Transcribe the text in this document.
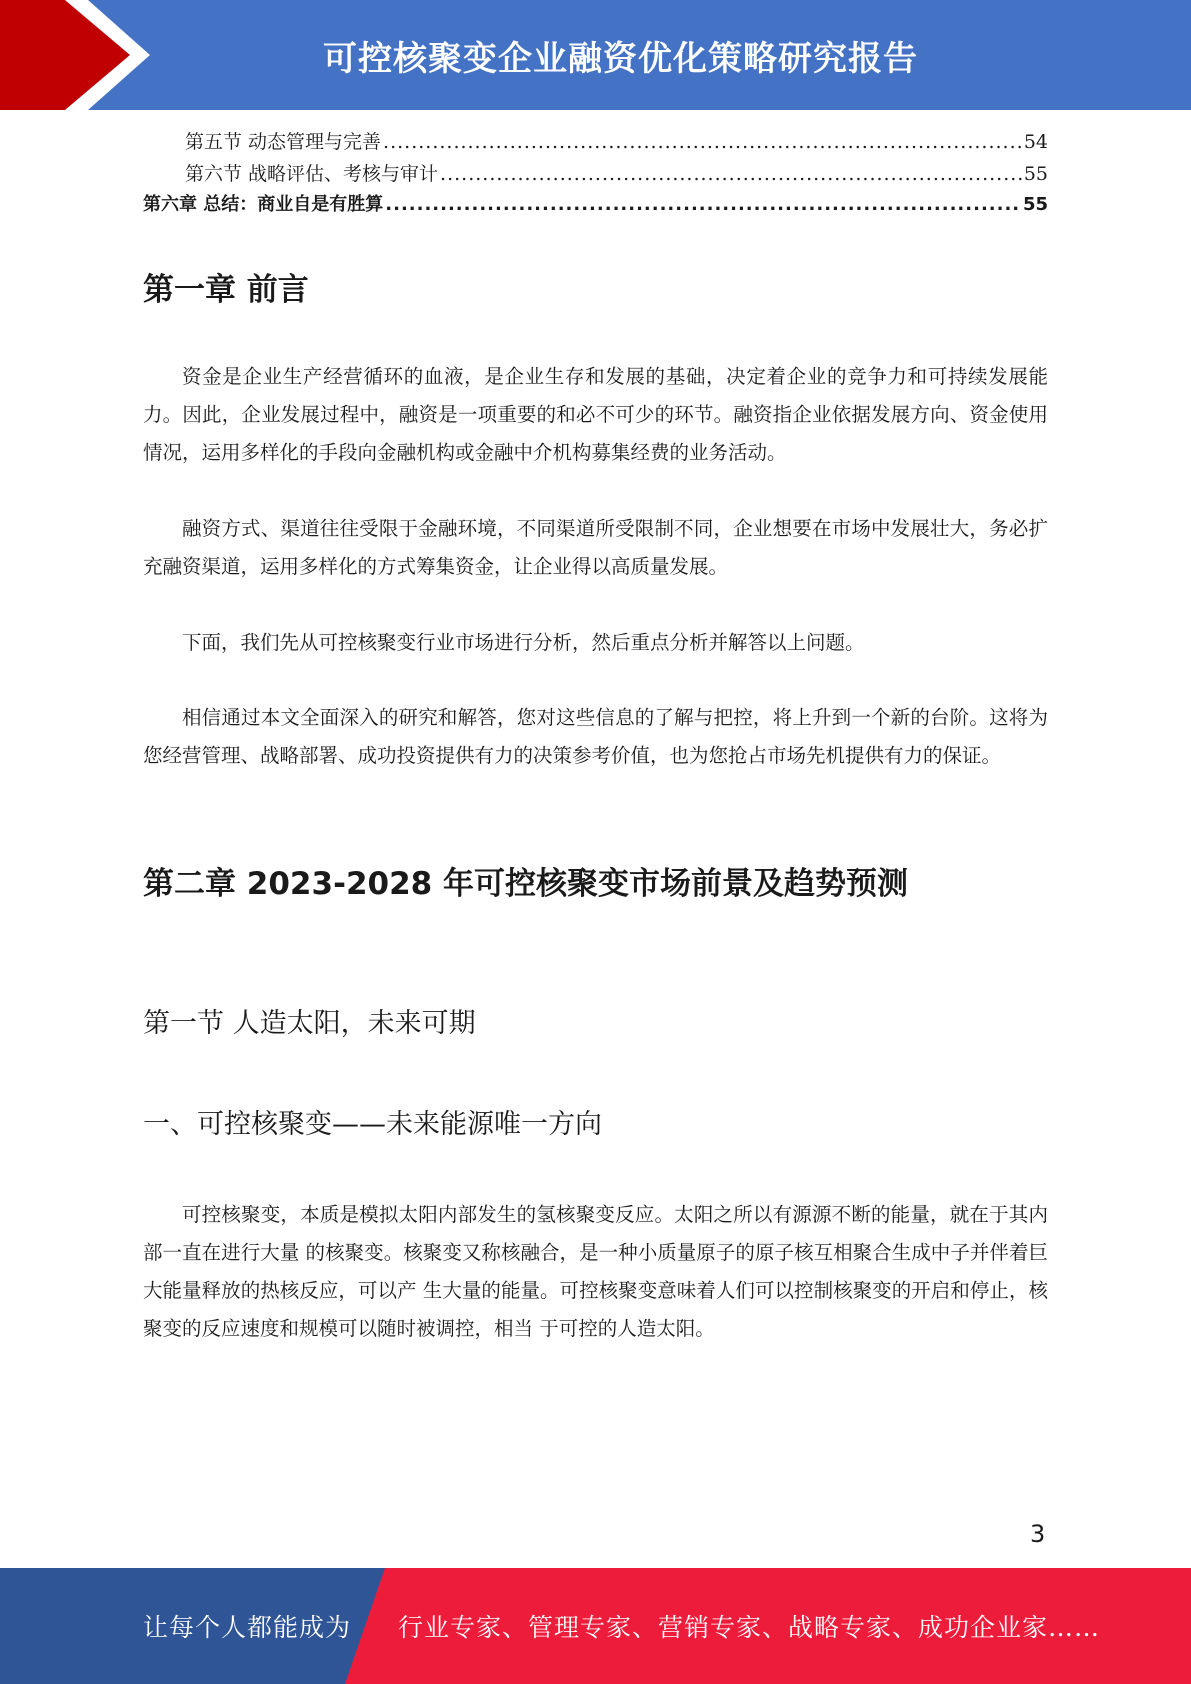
可控核聚变企业融资优化策略研究报告
第五节 动态管理与完善 .....	54
第六节 战略评估、考核与审计 .....	55
第六章 总结：商业自是有胜算 .....	55
第一章 前言

资金是企业生产经营循环的血液，是企业生存和发展的基础，决定着企业的竞争力和可持续发展能力。因此，企业发展过程中，融资是一项重要的和必不可少的环节。融资指企业依据发展方向、资金使用情况，运用多样化的手段向金融机构或金融中介机构募集经费的业务活动。

融资方式、渠道往往受限于金融环境，不同渠道所受限制不同，企业想要在市场中发展壮大，务必扩充融资渠道，运用多样化的方式筹集资金，让企业得以高质量发展。

下面，我们先从可控核聚变行业市场进行分析，然后重点分析并解答以上问题。

相信通过本文全面深入的研究和解答，您对这些信息的了解与把控，将上升到一个新的台阶。这将为您经营管理、战略部署、成功投资提供有力的决策参考价值，也为您抢占市场先机提供有力的保证。

第二章 2023-2028 年可控核聚变市场前景及趋势预测
第一节 人造太阳，未来可期
一、可控核聚变——未来能源唯一方向

可控核聚变，本质是模拟太阳内部发生的氢核聚变反应。太阳之所以有源源不断的能量，就在于其内部一直在进行大量 的核聚变。核聚变又称核融合，是一种小质量原子的原子核互相聚合生成中子并伴着巨大能量释放的热核反应，可以产 生大量的能量。可控核聚变意味着人们可以控制核聚变的开启和停止，核聚变的反应速度和规模可以随时被调控，相当 于可控的人造太阳。

3
让每个人都能成为 行业专家、管理专家、营销专家、战略专家、成功企业家……
